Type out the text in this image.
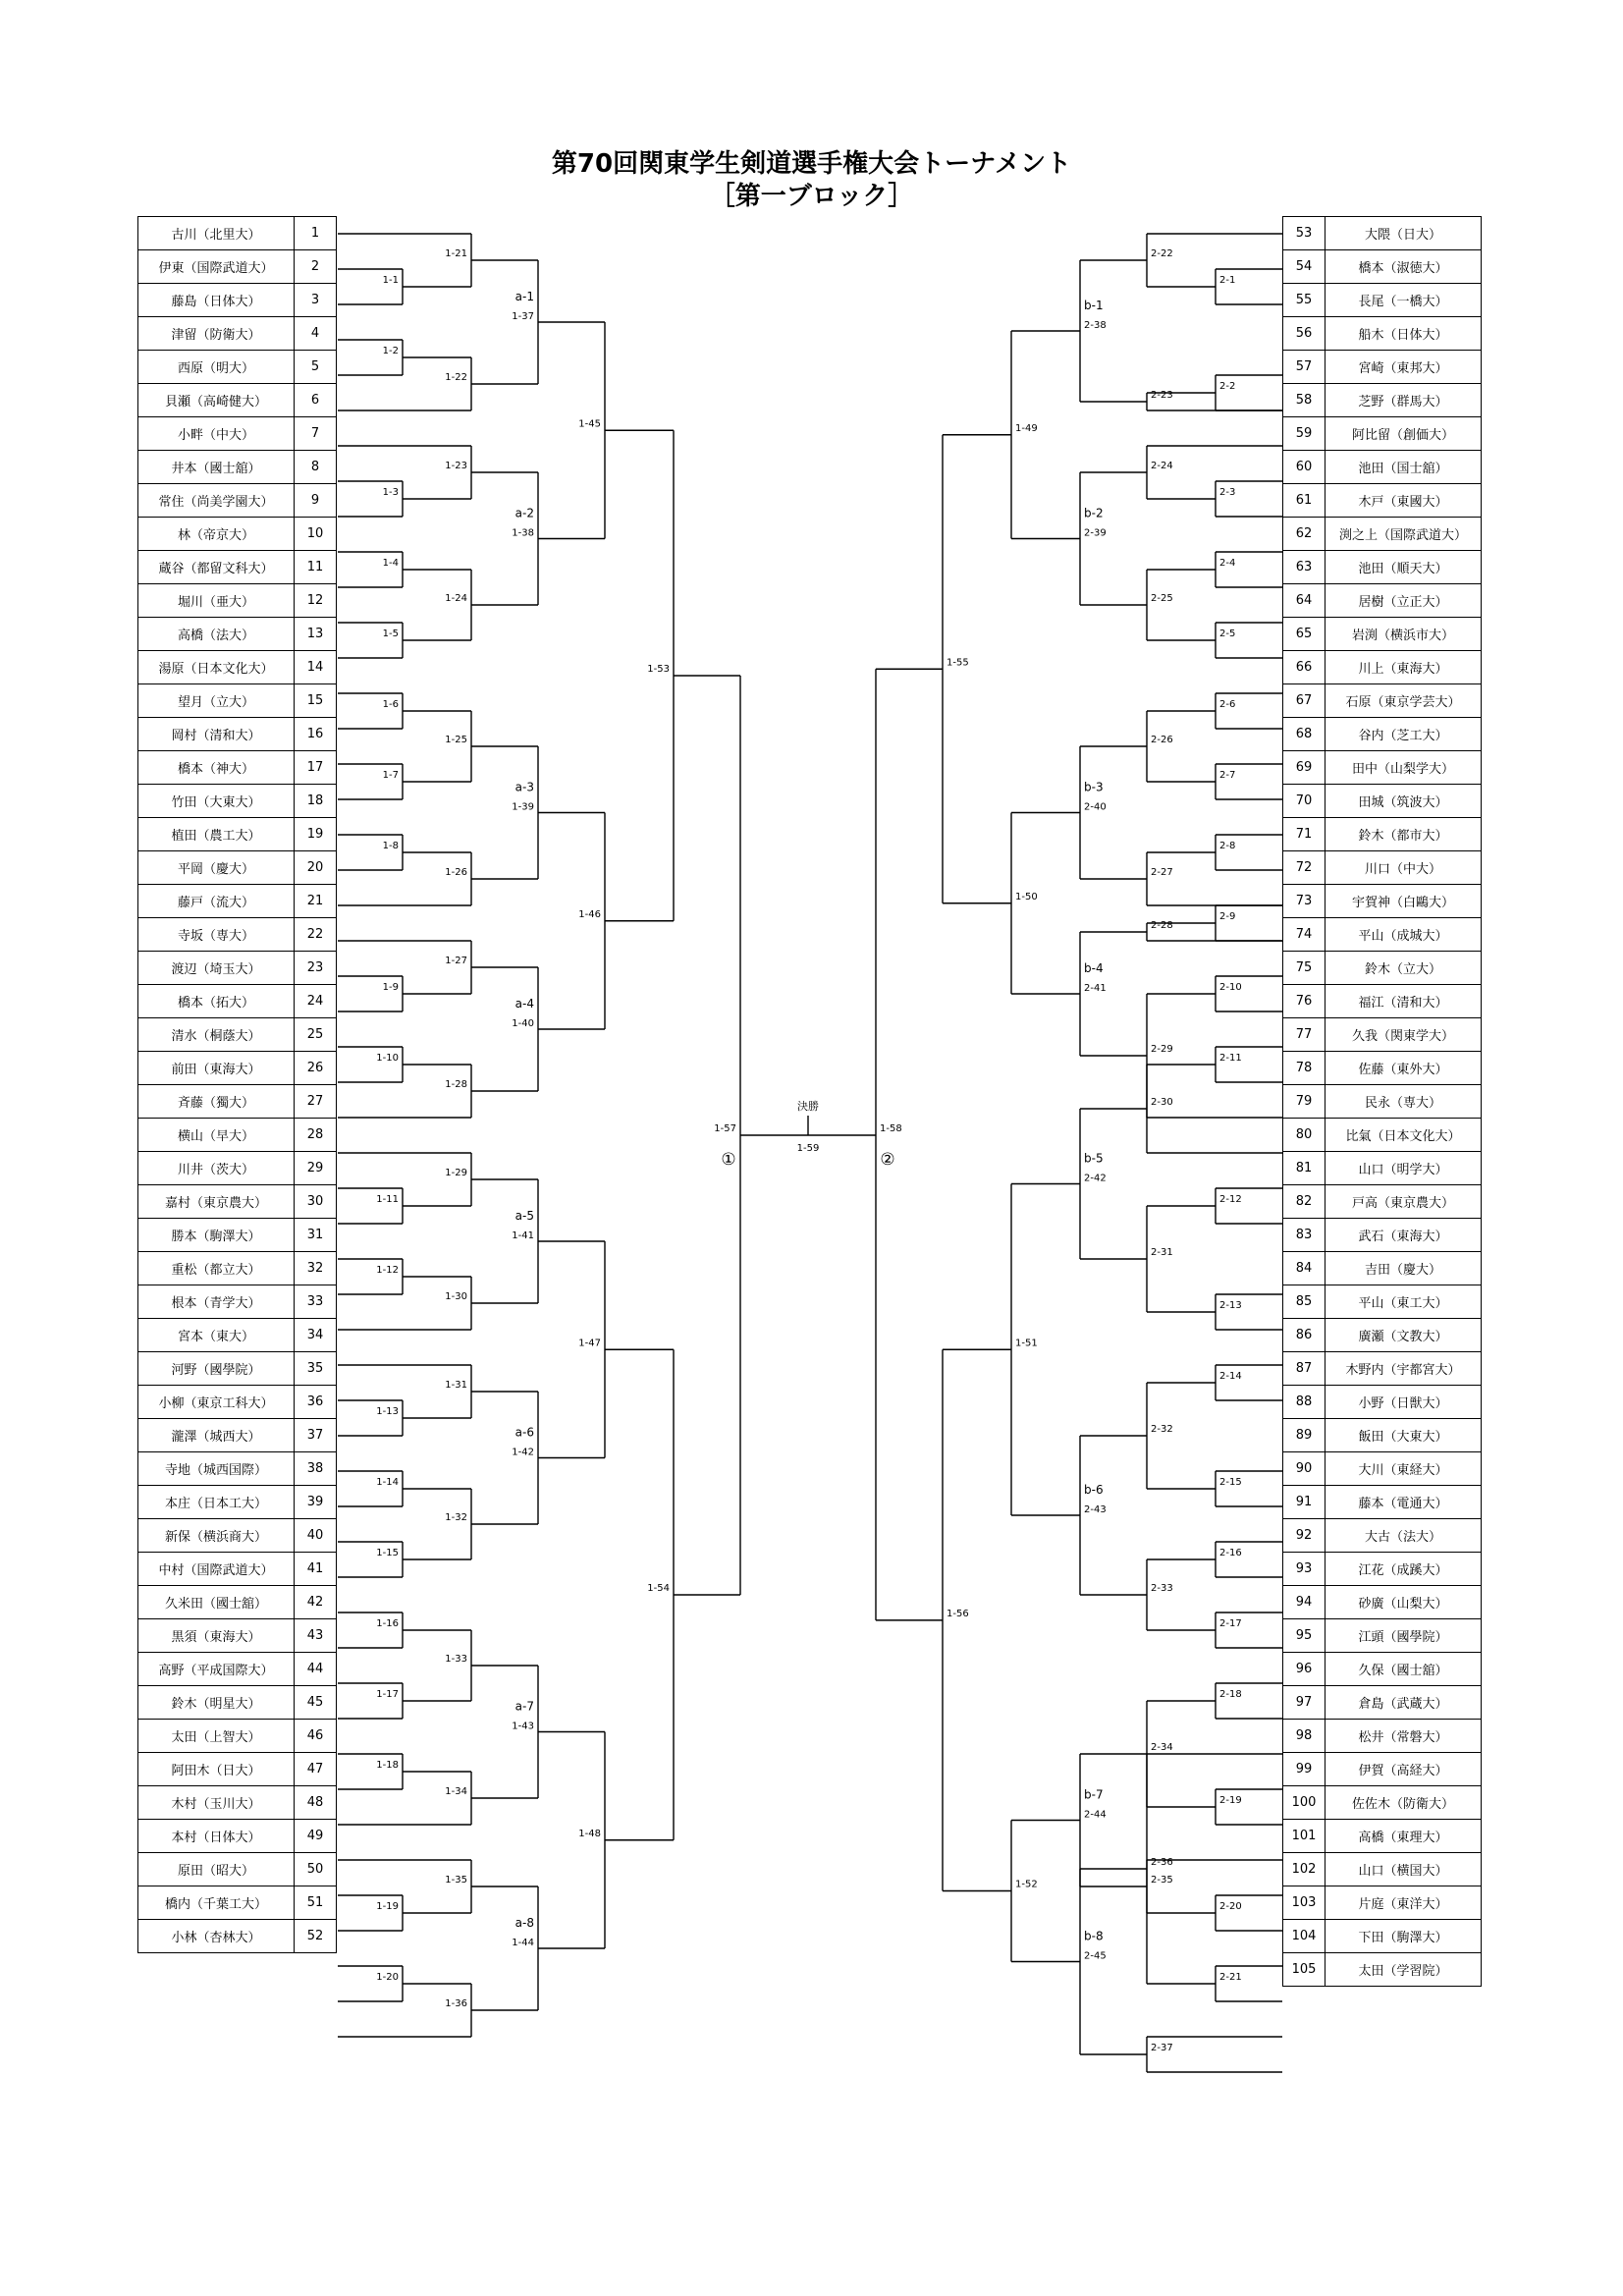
第70回関東学生剣道選手権大会トーナメント
［第一ブロック］
古川（北里大）	1
伊東（国際武道大）	2
藤島（日体大）	3
津留（防衛大）	4
西原（明大）	5
貝瀬（高崎健大）	6
小畔（中大）	7
井本（國士舘）	8
常住（尚美学園大）	9
林（帝京大）	10
蔵谷（都留文科大）	11
堀川（亜大）	12
高橋（法大）	13
湯原（日本文化大）	14
望月（立大）	15
岡村（清和大）	16
橋本（神大）	17
竹田（大東大）	18
植田（農工大）	19
平岡（慶大）	20
藤戸（流大）	21
寺坂（専大）	22
渡辺（埼玉大）	23
橋本（拓大）	24
清水（桐蔭大）	25
前田（東海大）	26
斉藤（獨大）	27
横山（早大）	28
川井（茨大）	29
嘉村（東京農大）	30
勝本（駒澤大）	31
重松（都立大）	32
根本（青学大）	33
宮本（東大）	34
河野（國學院）	35
小柳（東京工科大）	36
瀧澤（城西大）	37
寺地（城西国際）	38
本庄（日本工大）	39
新保（横浜商大）	40
中村（国際武道大）	41
久米田（國士舘）	42
黒須（東海大）	43
高野（平成国際大）	44
鈴木（明星大）	45
太田（上智大）	46
阿田木（日大）	47
木村（玉川大）	48
本村（日体大）	49
原田（昭大）	50
橋内（千葉工大）	51
小林（杏林大）	52
53	大隈（日大）
54	橋本（淑徳大）
55	長尾（一橋大）
56	船木（日体大）
57	宮崎（東邦大）
58	芝野（群馬大）
59	阿比留（創価大）
60	池田（国士舘）
61	木戸（東國大）
62	渕之上（国際武道大）
63	池田（順天大）
64	居樹（立正大）
65	岩渕（横浜市大）
66	川上（東海大）
67	石原（東京学芸大）
68	谷内（芝工大）
69	田中（山梨学大）
70	田城（筑波大）
71	鈴木（都市大）
72	川口（中大）
73	宇賀神（白鷗大）
74	平山（成城大）
75	鈴木（立大）
76	福江（清和大）
77	久我（関東学大）
78	佐藤（東外大）
79	民永（専大）
80	比氣（日本文化大）
81	山口（明学大）
82	戸高（東京農大）
83	武石（東海大）
84	吉田（慶大）
85	平山（東工大）
86	廣瀬（文教大）
87	木野内（宇都宮大）
88	小野（日獣大）
89	飯田（大東大）
90	大川（東経大）
91	藤本（電通大）
92	大古（法大）
93	江花（成蹊大）
94	砂廣（山梨大）
95	江頭（國學院）
96	久保（國士舘）
97	倉島（武蔵大）
98	松井（常磐大）
99	伊賀（高経大）
100	佐佐木（防衛大）
101	高橋（東理大）
102	山口（横国大）
103	片庭（東洋大）
104	下田（駒澤大）
105	太田（学習院）
1-1
1-2
1-3
1-4
1-5
1-6
1-7
1-8
1-9
1-10
1-11
1-12
1-13
1-14
1-15
1-16
1-17
1-18
1-19
1-20
1-21
1-22
1-23
1-24
1-25
1-26
1-27
1-28
1-29
1-30
1-31
1-32
1-33
1-34
1-35
1-36
a-1
1-37
a-2
1-38
a-3
1-39
a-4
1-40
a-5
1-41
a-6
1-42
a-7
1-43
a-8
1-44
1-45
1-46
1-47
1-48
1-53
1-54
2-1
2-2
2-3
2-4
2-5
2-6
2-7
2-8
2-9
2-10
2-11
2-12
2-13
2-14
2-15
2-16
2-17
2-18
2-19
2-20
2-21
2-22
2-23
2-24
2-25
2-26
2-27
2-28
2-29
2-30
2-31
2-32
2-33
2-34
2-35
2-36
2-37
b-1
2-38
b-2
2-39
b-3
2-40
b-4
2-41
b-5
2-42
b-6
2-43
b-7
2-44
b-8
2-45
1-49
1-50
1-51
1-52
1-55
1-56
1-57	1-58
決勝
1-59
①	②
